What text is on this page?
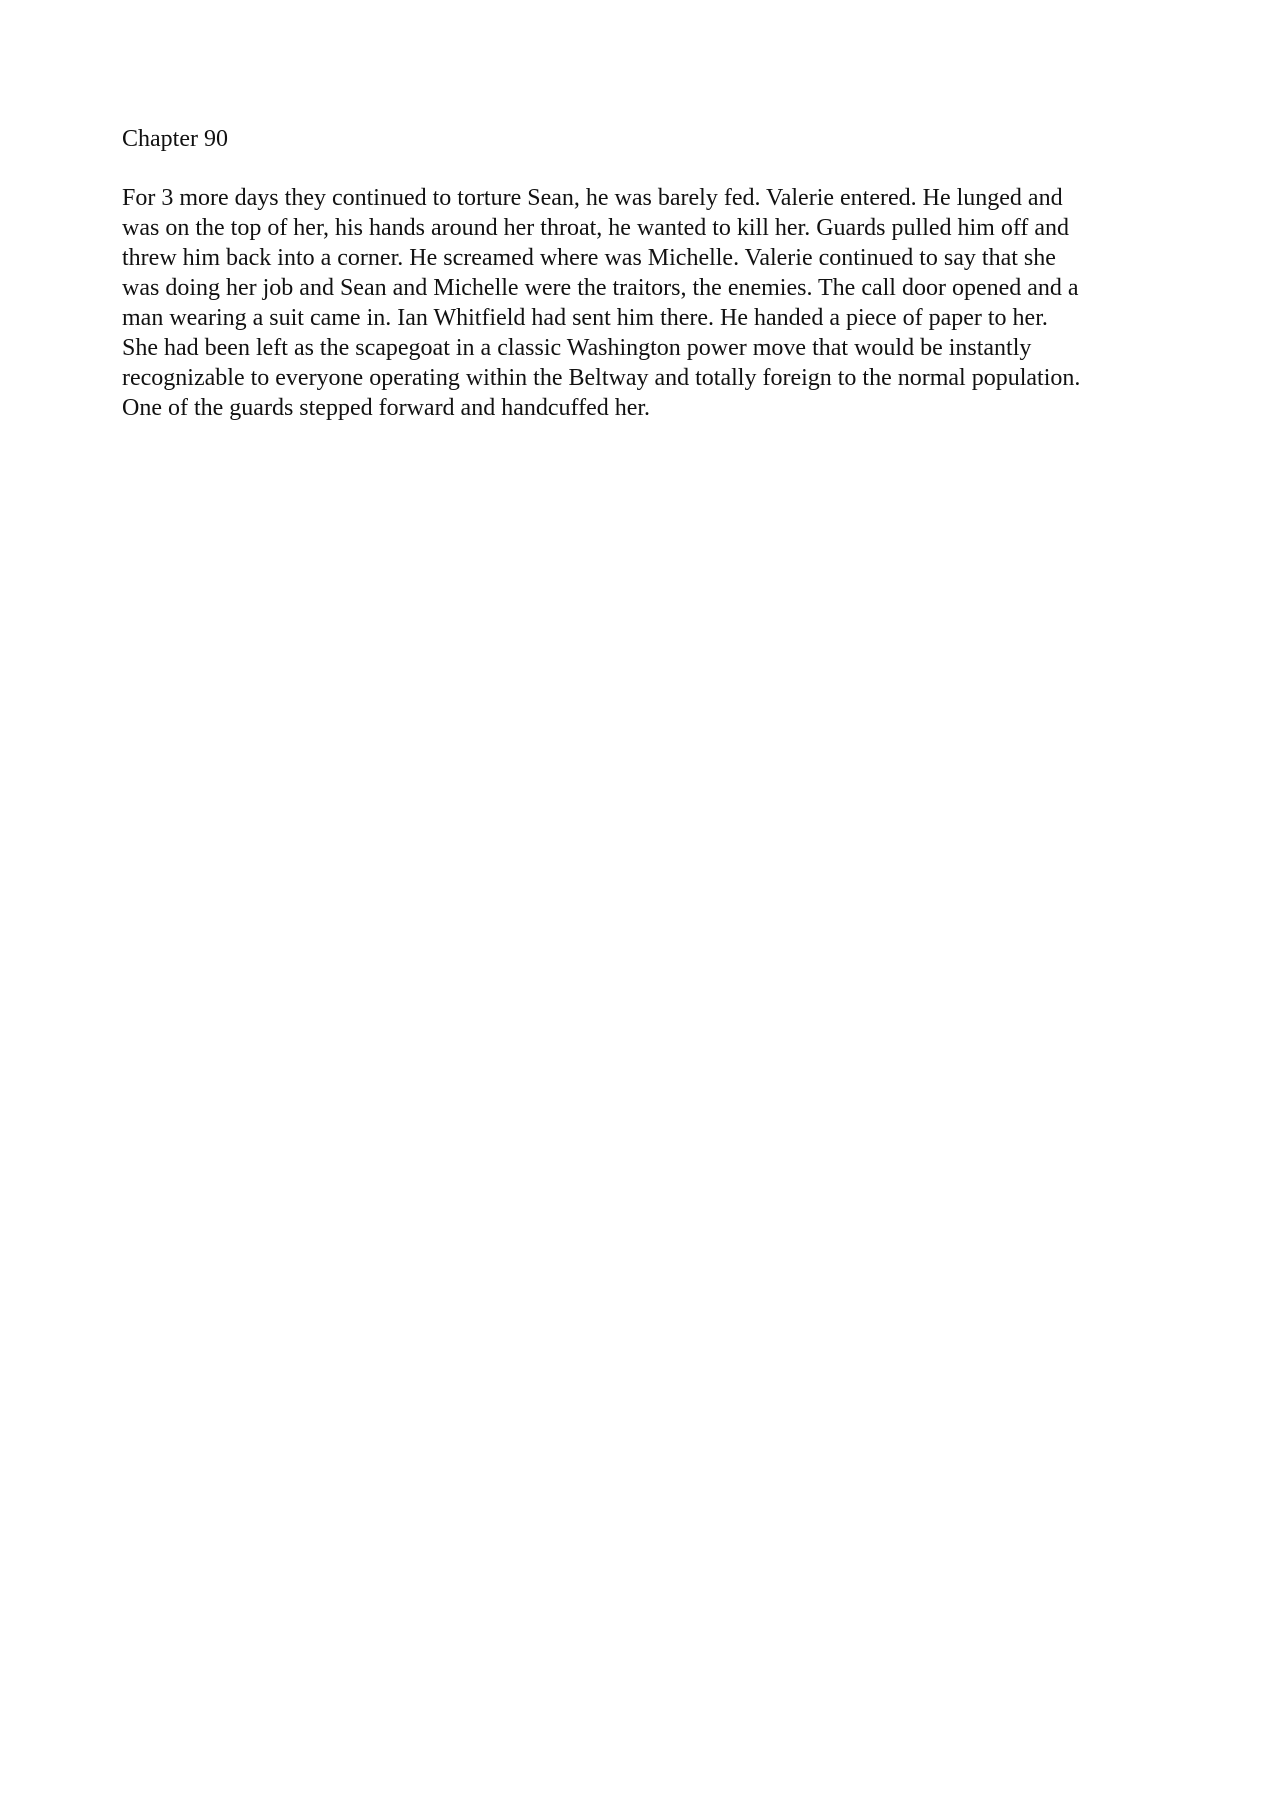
Chapter 90

For 3 more days they continued to torture Sean, he was barely fed. Valerie entered. He lunged and
was on the top of her, his hands around her throat, he wanted to kill her. Guards pulled him off and
threw him back into a corner. He screamed where was Michelle. Valerie continued to say that she
was doing her job and Sean and Michelle were the traitors, the enemies. The call door opened and a
man wearing a suit came in. Ian Whitfield had sent him there. He handed a piece of paper to her.
She had been left as the scapegoat in a classic Washington power move that would be instantly
recognizable to everyone operating within the Beltway and totally foreign to the normal population.
One of the guards stepped forward and handcuffed her.
